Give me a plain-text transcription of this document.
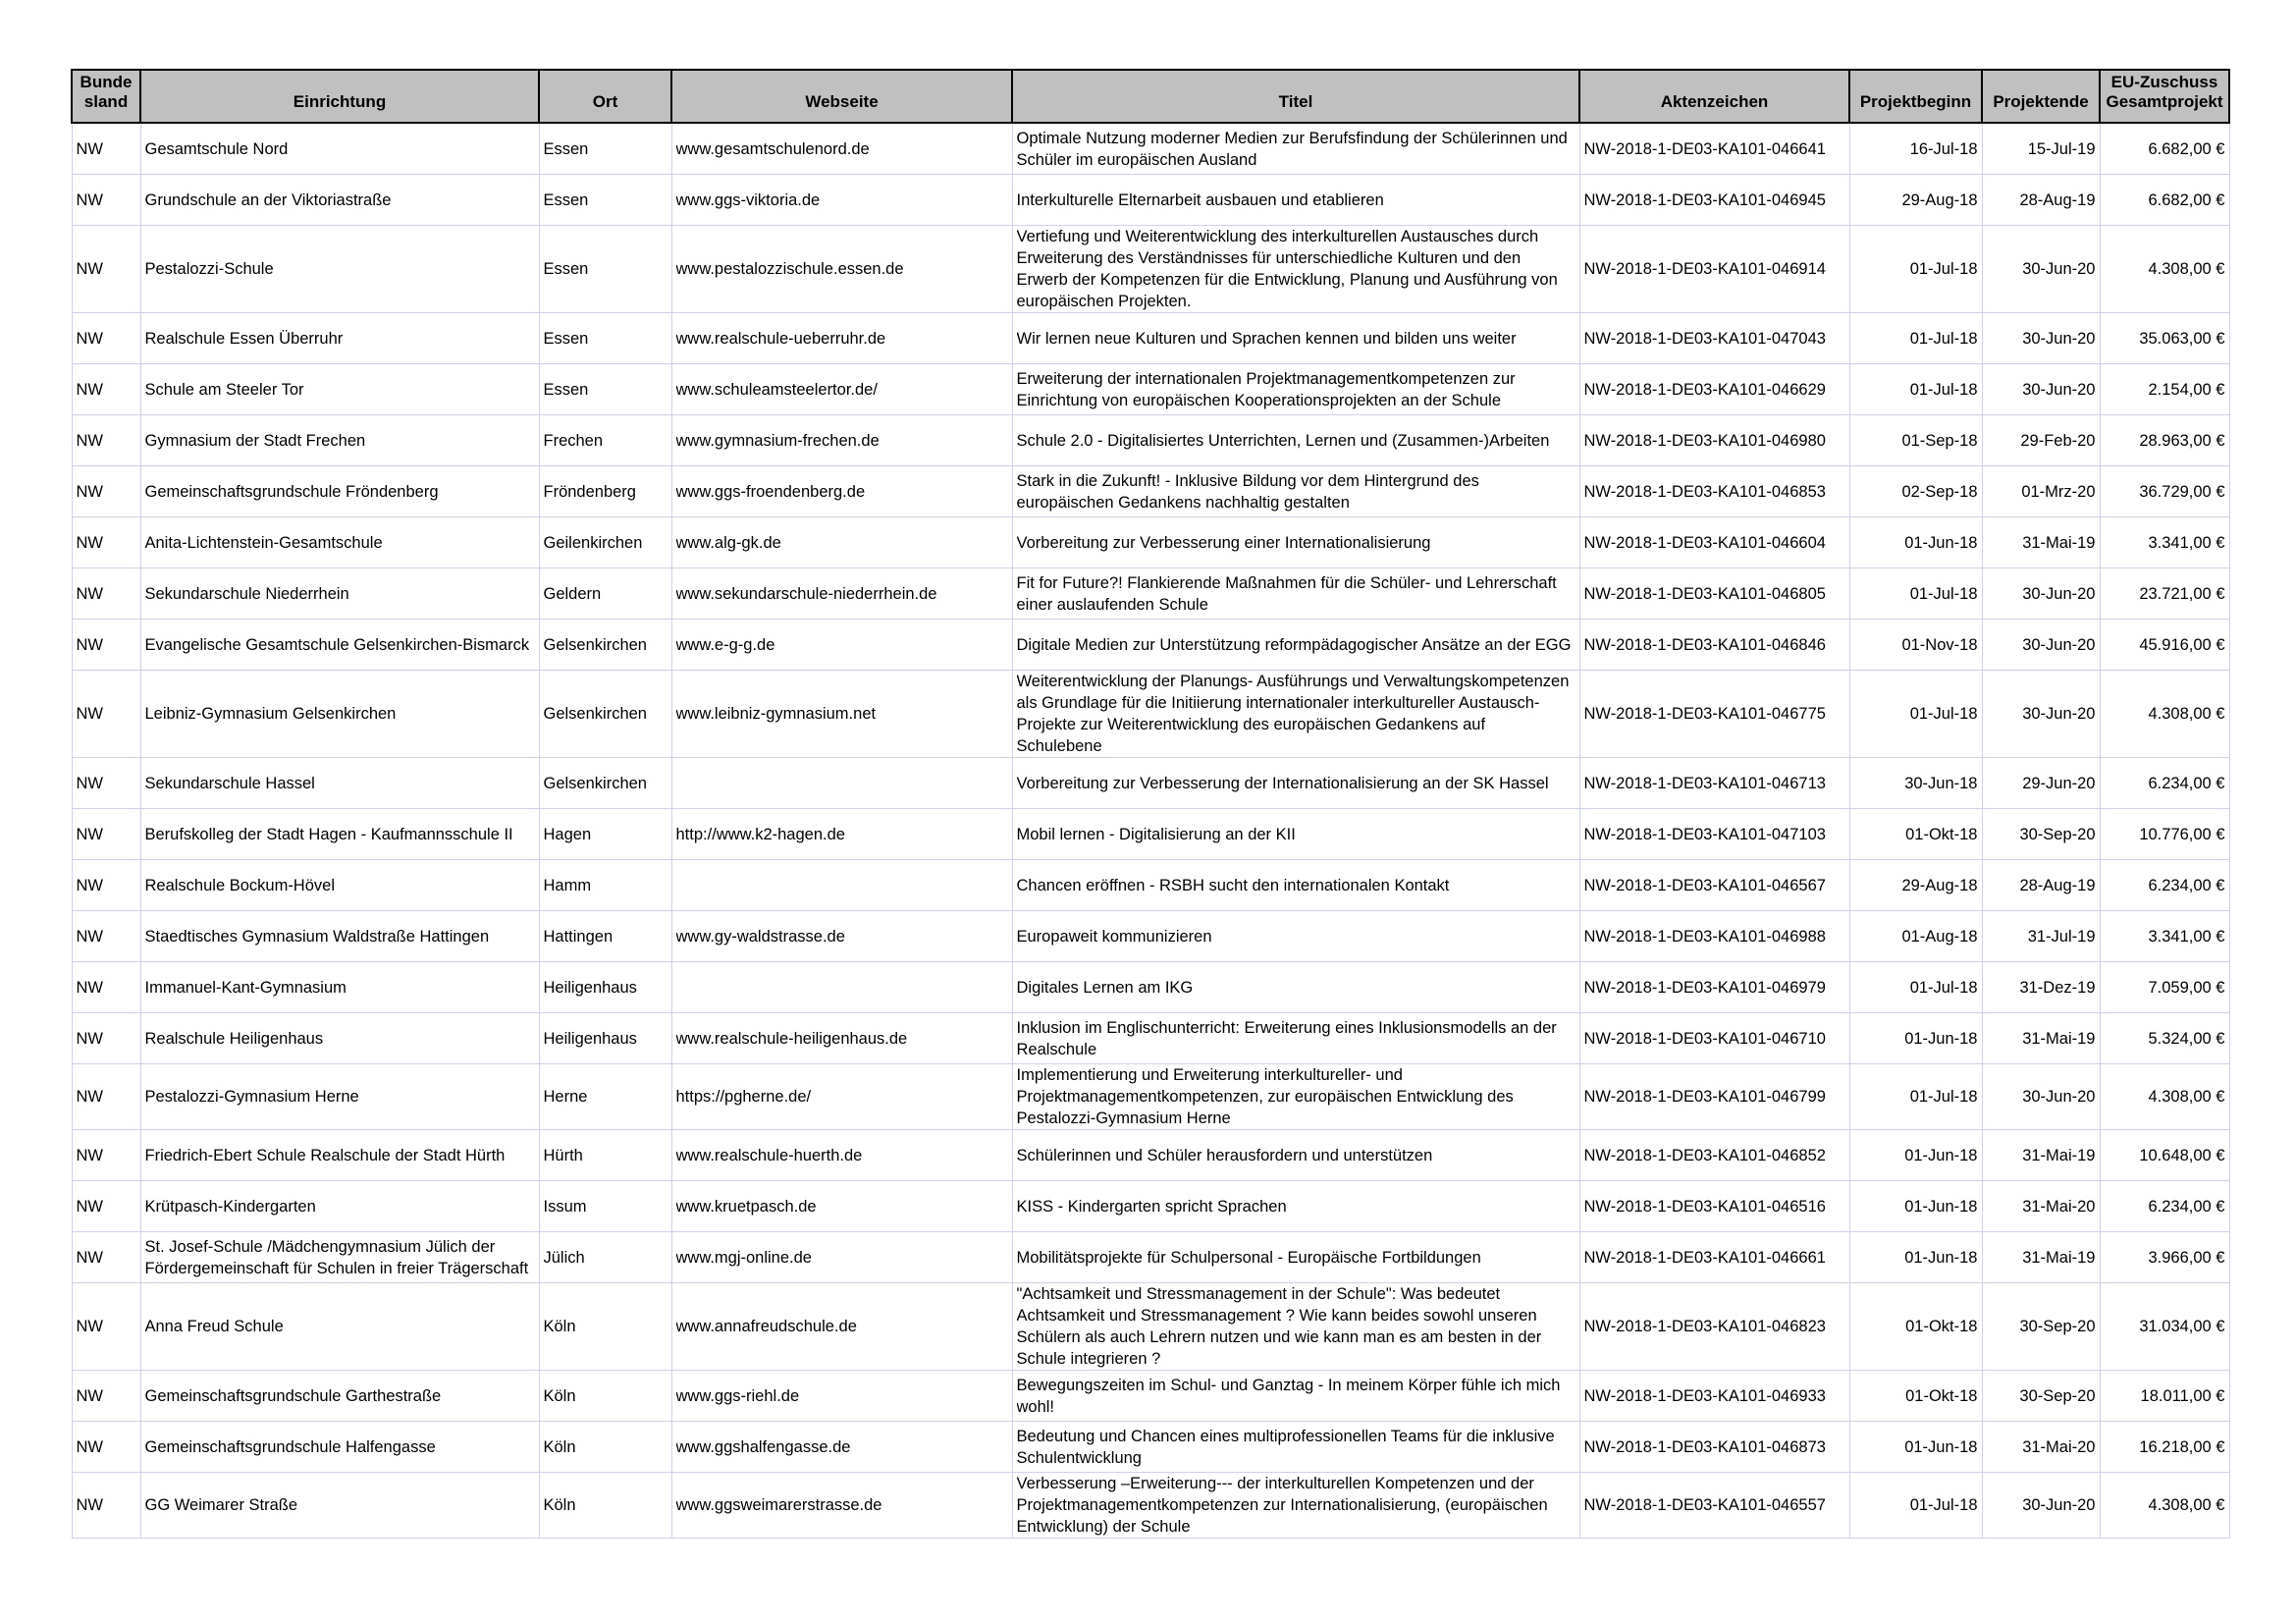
Bunde sland	Einrichtung	Ort	Webseite	Titel	Aktenzeichen	Projektbeginn	Projektende	EU-Zuschuss Gesamtprojekt

NW	Gesamtschule Nord	Essen	www.gesamtschulenord.de	Optimale Nutzung moderner Medien zur Berufsfindung der Schülerinnen und Schüler im europäischen Ausland	NW-2018-1-DE03-KA101-046641	16-Jul-18	15-Jul-19	6.682,00 €

NW	Grundschule an der Viktoriastraße	Essen	www.ggs-viktoria.de	Interkulturelle Elternarbeit ausbauen und etablieren	NW-2018-1-DE03-KA101-046945	29-Aug-18	28-Aug-19	6.682,00 €

NW	Pestalozzi-Schule	Essen	www.pestalozzischule.essen.de	Vertiefung und Weiterentwicklung des interkulturellen Austausches durch Erweiterung des Verständnisses für unterschiedliche Kulturen und den Erwerb der Kompetenzen für die Entwicklung, Planung und Ausführung von europäischen Projekten.	NW-2018-1-DE03-KA101-046914	01-Jul-18	30-Jun-20	4.308,00 €

NW	Realschule Essen Überruhr	Essen	www.realschule-ueberruhr.de	Wir lernen neue Kulturen und Sprachen kennen und bilden uns weiter	NW-2018-1-DE03-KA101-047043	01-Jul-18	30-Jun-20	35.063,00 €

NW	Schule am Steeler Tor	Essen	www.schuleamsteelertor.de/	Erweiterung der internationalen Projektmanagementkompetenzen zur Einrichtung von europäischen Kooperationsprojekten an der Schule	NW-2018-1-DE03-KA101-046629	01-Jul-18	30-Jun-20	2.154,00 €

NW	Gymnasium der Stadt Frechen	Frechen	www.gymnasium-frechen.de	Schule 2.0 - Digitalisiertes Unterrichten, Lernen und (Zusammen-)Arbeiten	NW-2018-1-DE03-KA101-046980	01-Sep-18	29-Feb-20	28.963,00 €

NW	Gemeinschaftsgrundschule Fröndenberg	Fröndenberg	www.ggs-froendenberg.de	Stark in die Zukunft! - Inklusive Bildung vor dem Hintergrund des europäischen Gedankens nachhaltig gestalten	NW-2018-1-DE03-KA101-046853	02-Sep-18	01-Mrz-20	36.729,00 €

NW	Anita-Lichtenstein-Gesamtschule	Geilenkirchen	www.alg-gk.de	Vorbereitung zur Verbesserung einer Internationalisierung	NW-2018-1-DE03-KA101-046604	01-Jun-18	31-Mai-19	3.341,00 €

NW	Sekundarschule Niederrhein	Geldern	www.sekundarschule-niederrhein.de	Fit for Future?! Flankierende Maßnahmen für die Schüler- und Lehrerschaft einer auslaufenden Schule	NW-2018-1-DE03-KA101-046805	01-Jul-18	30-Jun-20	23.721,00 €

NW	Evangelische Gesamtschule Gelsenkirchen-Bismarck	Gelsenkirchen	www.e-g-g.de	Digitale Medien zur Unterstützung reformpädagogischer Ansätze an der EGG	NW-2018-1-DE03-KA101-046846	01-Nov-18	30-Jun-20	45.916,00 €

NW	Leibniz-Gymnasium Gelsenkirchen	Gelsenkirchen	www.leibniz-gymnasium.net	Weiterentwicklung der Planungs- Ausführungs und Verwaltungskompetenzen als Grundlage für die Initiierung internationaler interkultureller Austausch-Projekte zur Weiterentwicklung des europäischen Gedankens auf Schulebene	NW-2018-1-DE03-KA101-046775	01-Jul-18	30-Jun-20	4.308,00 €

NW	Sekundarschule Hassel	Gelsenkirchen		Vorbereitung zur Verbesserung der Internationalisierung an der SK Hassel	NW-2018-1-DE03-KA101-046713	30-Jun-18	29-Jun-20	6.234,00 €

NW	Berufskolleg der Stadt Hagen - Kaufmannsschule II	Hagen	http://www.k2-hagen.de	Mobil lernen - Digitalisierung an der KII	NW-2018-1-DE03-KA101-047103	01-Okt-18	30-Sep-20	10.776,00 €

NW	Realschule Bockum-Hövel	Hamm		Chancen eröffnen - RSBH sucht den internationalen Kontakt	NW-2018-1-DE03-KA101-046567	29-Aug-18	28-Aug-19	6.234,00 €

NW	Staedtisches Gymnasium Waldstraße Hattingen	Hattingen	www.gy-waldstrasse.de	Europaweit kommunizieren	NW-2018-1-DE03-KA101-046988	01-Aug-18	31-Jul-19	3.341,00 €

NW	Immanuel-Kant-Gymnasium	Heiligenhaus		Digitales Lernen am IKG	NW-2018-1-DE03-KA101-046979	01-Jul-18	31-Dez-19	7.059,00 €

NW	Realschule Heiligenhaus	Heiligenhaus	www.realschule-heiligenhaus.de	Inklusion im Englischunterricht: Erweiterung eines Inklusionsmodells an der Realschule	NW-2018-1-DE03-KA101-046710	01-Jun-18	31-Mai-19	5.324,00 €

NW	Pestalozzi-Gymnasium Herne	Herne	https://pgherne.de/	Implementierung und Erweiterung interkultureller- und Projektmanagementkompetenzen, zur europäischen Entwicklung des Pestalozzi-Gymnasium Herne	NW-2018-1-DE03-KA101-046799	01-Jul-18	30-Jun-20	4.308,00 €

NW	Friedrich-Ebert Schule Realschule der Stadt Hürth	Hürth	www.realschule-huerth.de	Schülerinnen und Schüler herausfordern und unterstützen	NW-2018-1-DE03-KA101-046852	01-Jun-18	31-Mai-19	10.648,00 €

NW	Krütpasch-Kindergarten	Issum	www.kruetpasch.de	KISS - Kindergarten spricht Sprachen	NW-2018-1-DE03-KA101-046516	01-Jun-18	31-Mai-20	6.234,00 €

NW	St. Josef-Schule /Mädchengymnasium Jülich der Fördergemeinschaft für Schulen in freier Trägerschaft	Jülich	www.mgj-online.de	Mobilitätsprojekte für Schulpersonal - Europäische Fortbildungen	NW-2018-1-DE03-KA101-046661	01-Jun-18	31-Mai-19	3.966,00 €

NW	Anna Freud Schule	Köln	www.annafreudschule.de	"Achtsamkeit und Stressmanagement in der Schule": Was bedeutet Achtsamkeit und Stressmanagement ? Wie kann beides sowohl unseren Schülern als auch Lehrern nutzen und wie kann man es am besten in der Schule integrieren ?	NW-2018-1-DE03-KA101-046823	01-Okt-18	30-Sep-20	31.034,00 €

NW	Gemeinschaftsgrundschule Garthestraße	Köln	www.ggs-riehl.de	Bewegungszeiten im Schul- und Ganztag - In meinem Körper fühle ich mich wohl!	NW-2018-1-DE03-KA101-046933	01-Okt-18	30-Sep-20	18.011,00 €

NW	Gemeinschaftsgrundschule Halfengasse	Köln	www.ggshalfengasse.de	Bedeutung und Chancen eines multiprofessionellen Teams für die inklusive Schulentwicklung	NW-2018-1-DE03-KA101-046873	01-Jun-18	31-Mai-20	16.218,00 €

NW	GG Weimarer Straße	Köln	www.ggsweimarerstrasse.de	Verbesserung –Erweiterung--- der interkulturellen Kompetenzen und der Projektmanagementkompetenzen zur Internationalisierung, (europäischen Entwicklung) der Schule	NW-2018-1-DE03-KA101-046557	01-Jul-18	30-Jun-20	4.308,00 €
